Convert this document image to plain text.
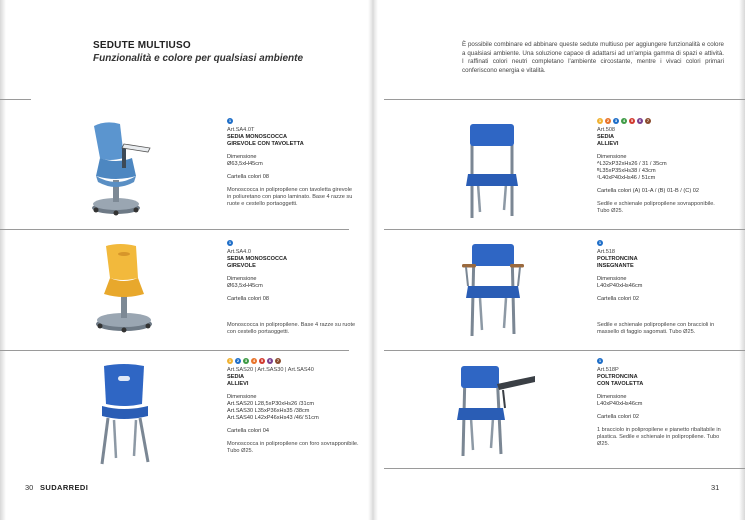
SEDUTE MULTIUSO
Funzionalità e colore per qualsiasi ambiente
È possibile combinare ed abbinare queste sedute multiuso per aggiungere funzionalità e colore a qualsiasi ambiente. Una soluzione capace di adattarsi ad un'ampia gamma di spazi e attività. I raffinati colori neutri completano l'ambiente circostante, mentre i vivaci colori primari conferiscono energia e vitalità.
1
Art.SA4.0T
SEDIA MONOSCOCCA
GIREVOLE CON TAVOLETTA
Dimensione
Ø63,5xH45cm
Cartella colori 08
Monoscocca in polipropilene con tavoletta girevole in poliuretano con piano laminato. Base 4 razze su ruote e cestello portaoggetti.
1
Art.SA4.0
SEDIA MONOSCOCCA
GIREVOLE
Dimensione
Ø63,5xH45cm
Cartella colori 08
Monoscocca in polipropilene. Base 4 razze su ruote con cestello portaoggetti.
1	2	3	4	5	6	7
Art.SAS20 | Art.SAS30 | Art.SAS40
SEDIA
ALLIEVI
Dimensione
Art.SAS20 L28,5xP30xHs26 /31cm
Art.SAS30 L35xP36xHs35 /38cm
Art.SAS40 L42xP46xHs43 /46/ 51cm
Cartella colori 04
Monoscocca in polipropilene con foro sovrapponibile. Tubo Ø25.
1	2	3	4	5	6	7
Art.508
SEDIA
ALLIEVI
Dimensione
ᴬL32xP32xHs26 / 31 / 35cm
ᴮL35xP35xHs38 / 43cm
ᶜL40xP40xHs46 / 51cm
Cartella colori (A) 01-A / (B) 01-B / (C) 02
Sedile e schienale polipropilene sovrapponibile. Tubo Ø25.
1
Art.518
POLTRONCINA
INSEGNANTE
Dimensione
L40xP40xHs46cm
Cartella colori 02
Sedile e schienale polipropilene con braccioli in massello di faggio sagomati. Tubo Ø25.
1
Art.518P
POLTRONCINA
CON TAVOLETTA
Dimensione
L40xP40xHs46cm
Cartella colori 02
1 bracciolo in polipropilene e pianetto ribaltabile in plastica. Sedile e schienale in polipropilene. Tubo Ø25.
30 SUDARREDI	31
